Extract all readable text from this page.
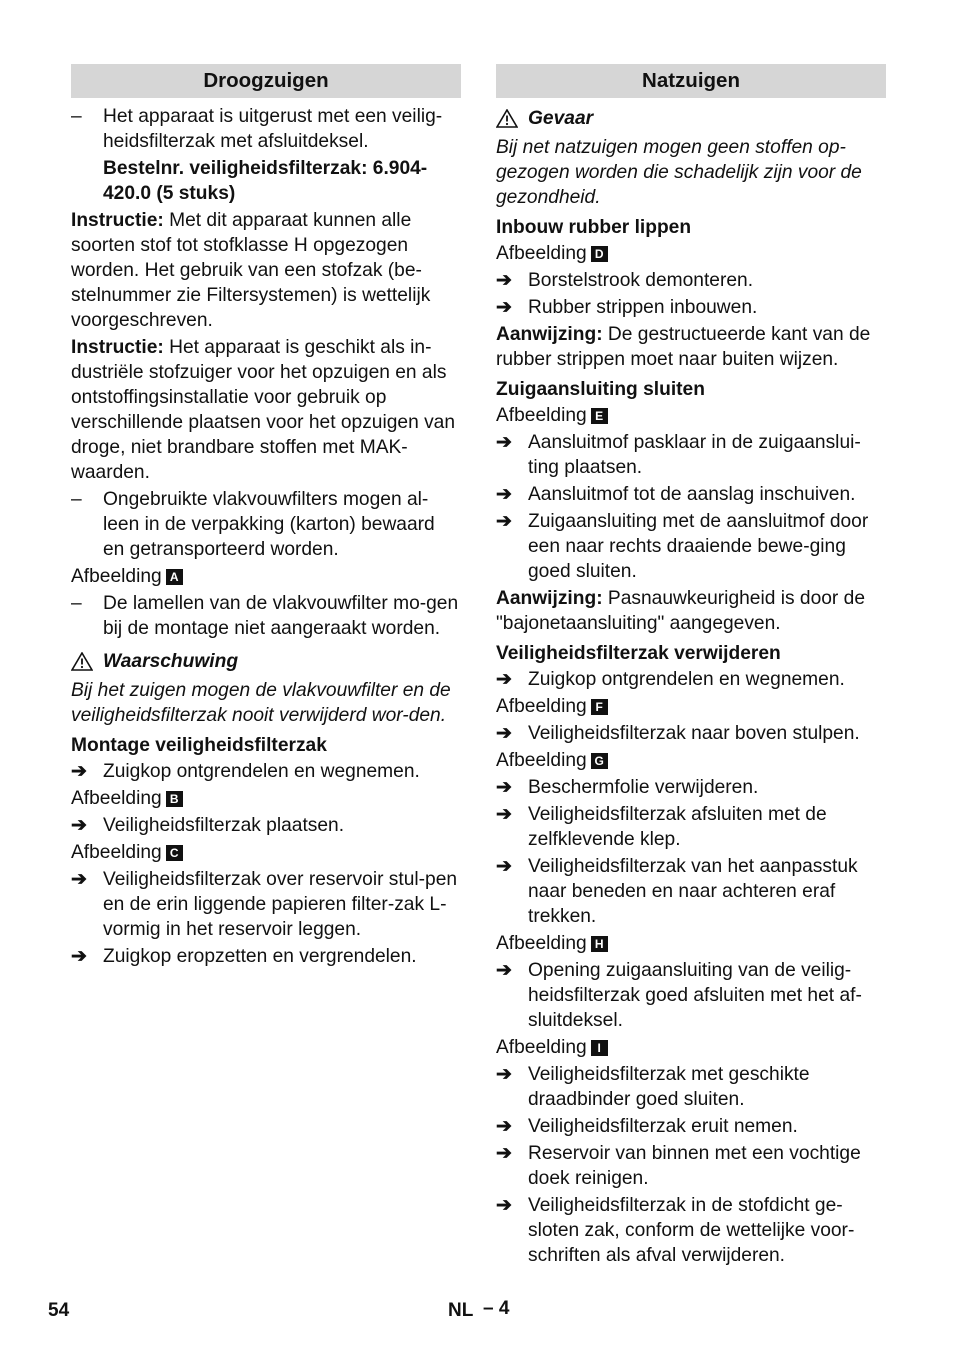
Droogzuigen
–	Het apparaat is uitgerust met een veilig-heidsfilterzak met afsluitdeksel.
Bestelnr. veiligheidsfilterzak: 6.904-
420.0 (5 stuks)
Instructie: Met dit apparaat kunnen alle soorten stof tot stofklasse H opgezogen worden. Het gebruik van een stofzak (be-stelnummer zie Filtersystemen) is wettelijk voorgeschreven.
Instructie: Het apparaat is geschikt als in-dustriële stofzuiger voor het opzuigen en als ontstoffingsinstallatie voor gebruik op verschillende plaatsen voor het opzuigen van droge, niet brandbare stoffen met MAK-waarden.
–	Ongebruikte vlakvouwfilters mogen al-leen in de verpakking (karton) bewaard en getransporteerd worden.
Afbeelding A
–	De lamellen van de vlakvouwfilter mo-gen bij de montage niet aangeraakt worden.
Waarschuwing
Bij het zuigen mogen de vlakvouwfilter en de veiligheidsfilterzak nooit verwijderd wor-den.
Montage veiligheidsfilterzak
➔ Zuigkop ontgrendelen en wegnemen.
Afbeelding B
➔ Veiligheidsfilterzak plaatsen.
Afbeelding C
➔ Veiligheidsfilterzak over reservoir stul-pen en de erin liggende papieren filter-zak L-vormig in het reservoir leggen.
➔ Zuigkop eropzetten en vergrendelen.
Natzuigen
Gevaar
Bij net natzuigen mogen geen stoffen op-gezogen worden die schadelijk zijn voor de gezondheid.
Inbouw rubber lippen
Afbeelding D
➔ Borstelstrook demonteren.
➔ Rubber strippen inbouwen.
Aanwijzing: De gestructueerde kant van de rubber strippen moet naar buiten wijzen.
Zuigaansluiting sluiten
Afbeelding E
➔ Aansluitmof pasklaar in de zuigaanslui-ting plaatsen.
➔ Aansluitmof tot de aanslag inschuiven.
➔ Zuigaansluiting met de aansluitmof door een naar rechts draaiende bewe-ging goed sluiten.
Aanwijzing: Pasnauwkeurigheid is door de "bajonetaansluiting" aangegeven.
Veiligheidsfilterzak verwijderen
➔ Zuigkop ontgrendelen en wegnemen.
Afbeelding F
➔ Veiligheidsfilterzak naar boven stulpen.
Afbeelding G
➔ Beschermfolie verwijderen.
➔ Veiligheidsfilterzak afsluiten met de zelfklevende klep.
➔ Veiligheidsfilterzak van het aanpasstuk naar beneden en naar achteren eraf trekken.
Afbeelding H
➔ Opening zuigaansluiting van de veilig-heidsfilterzak goed afsluiten met het af-sluitdeksel.
Afbeelding I
➔ Veiligheidsfilterzak met geschikte draadbinder goed sluiten.
➔ Veiligheidsfilterzak eruit nemen.
➔ Reservoir van binnen met een vochtige doek reinigen.
➔ Veiligheidsfilterzak in de stofdicht ge-sloten zak, conform de wettelijke voor-schriften als afval verwijderen.
54	NL – 4
